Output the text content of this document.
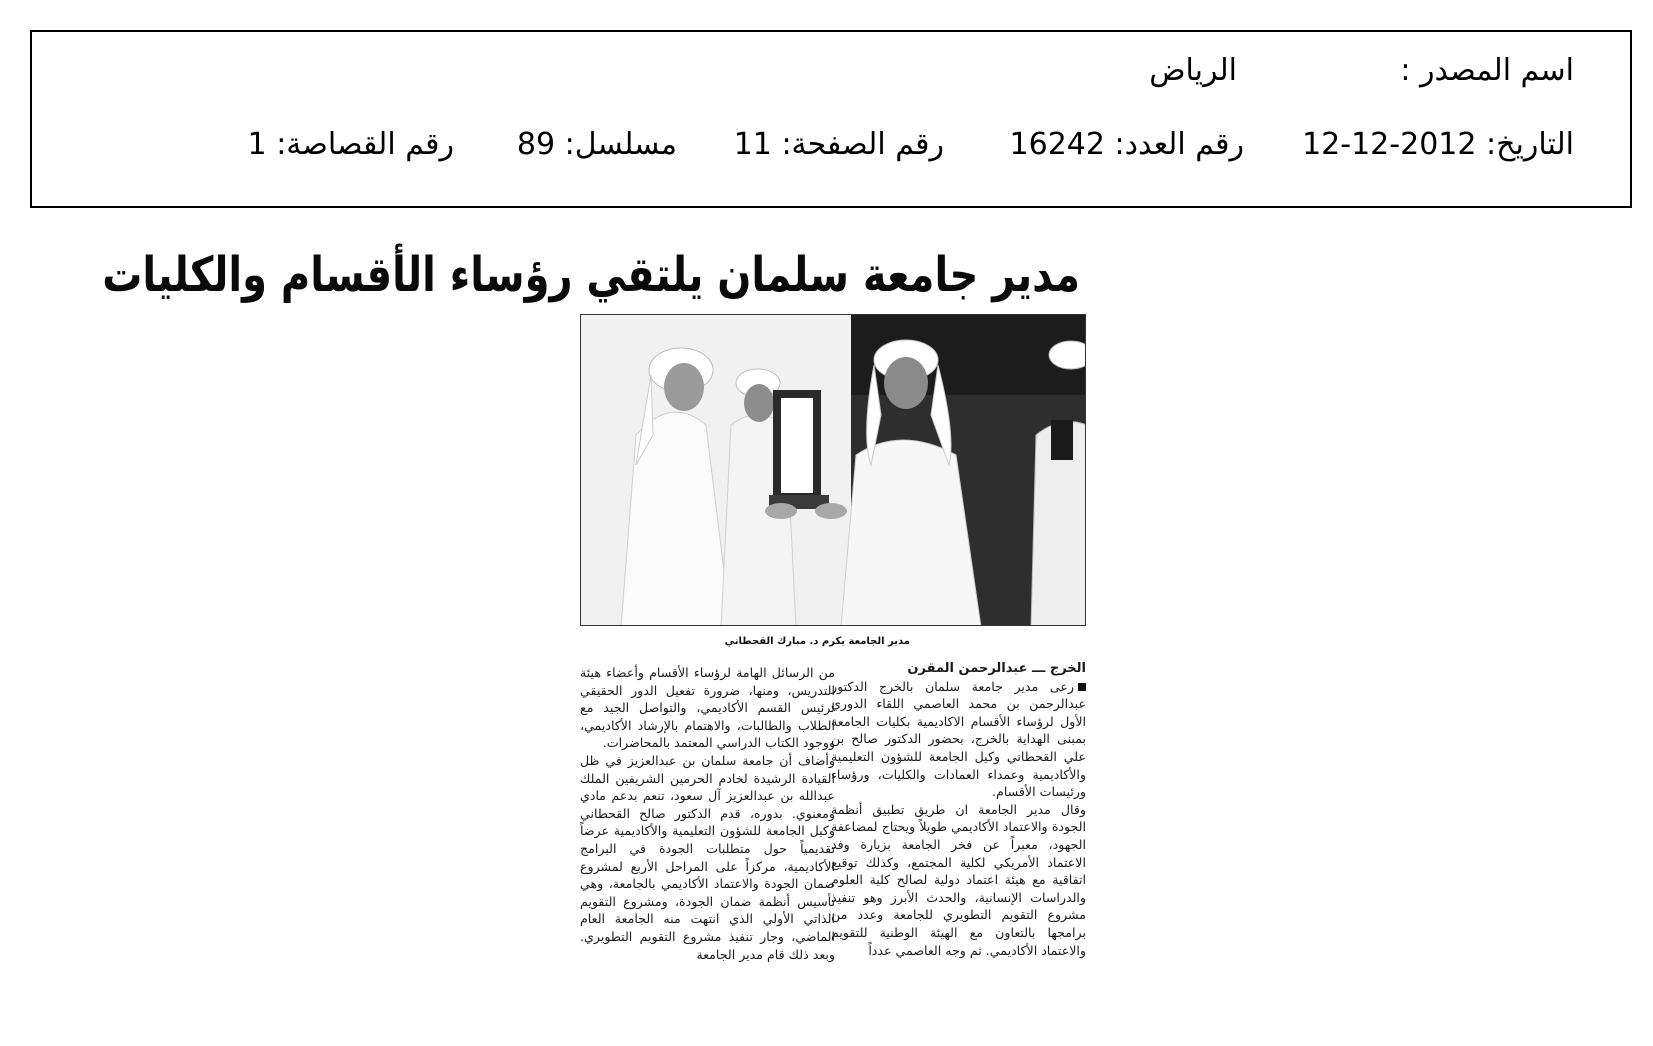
اسم المصدر :
الرياض
التاريخ: 2012-12-12
رقم العدد: 16242
رقم الصفحة: 11
مسلسل: 89
رقم القصاصة: 1
مدير جامعة سلمان يلتقي رؤساء الأقسام والكليات
مدير الجامعة يكرم د. مبارك القحطاني
الخرج ـــ عبدالرحمن المقرن
رعى مدير جامعة سلمان بالخرج الدكتور عبدالرحمن بن محمد العاصمي اللقاء الدوري الأول لرؤساء الأقسام الاكاديمية بكليات الجامعة بمبنى الهداية بالخرج، بحضور الدكتور صالح بن علي القحطاني وكيل الجامعة للشؤون التعليمية والأكاديمية وعمداء العمادات والكليات، ورؤساء ورئيسات الأقسام.
وقال مدير الجامعة ان طريق تطبيق أنظمة الجودة والاعتماد الأكاديمي طويلاً ويحتاج لمضاعفة الجهود، معبراً عن فخر الجامعة بزيارة وفد الاعتماد الأمريكي لكلية المجتمع، وكذلك توقيع اتفاقية مع هيئة اعتماد دولية لصالح كلية العلوم والدراسات الإنسانية، والحدث الأبرز وهو تنفيذ مشروع التقويم التطويري للجامعة وعدد من برامجها بالتعاون مع الهيئة الوطنية للتقويم والاعتماد الأكاديمي. ثم وجه العاصمي عدداً
من الرسائل الهامة لرؤساء الأقسام وأعضاء هيئة التدريس، ومنها، ضرورة تفعيل الدور الحقيقي لرئيس القسم الأكاديمي، والتواصل الجيد مع الطلاب والطالبات، والاهتمام بالإرشاد الأكاديمي، ووجود الكتاب الدراسي المعتمد بالمحاضرات.
وأضاف أن جامعة سلمان بن عبدالعزيز في ظل القيادة الرشيدة لخادم الحرمين الشريفين الملك عبدالله بن عبدالعزيز آل سعود، تنعم بدعم مادي ومعنوي. بدوره، قدم الدكتور صالح القحطاني وكيل الجامعة للشؤون التعليمية والأكاديمية عرضاً تقديمياً حول متطلبات الجودة في البرامج الأكاديمية، مركزاً على المراحل الأربع لمشروع ضمان الجودة والاعتماد الأكاديمي بالجامعة، وهي تأسيس أنظمة ضمان الجودة، ومشروع التقويم الذاتي الأولي الذي انتهت منه الجامعة العام الماضي، وجار تنفيذ مشروع التقويم التطويري. وبعد ذلك قام مدير الجامعة
